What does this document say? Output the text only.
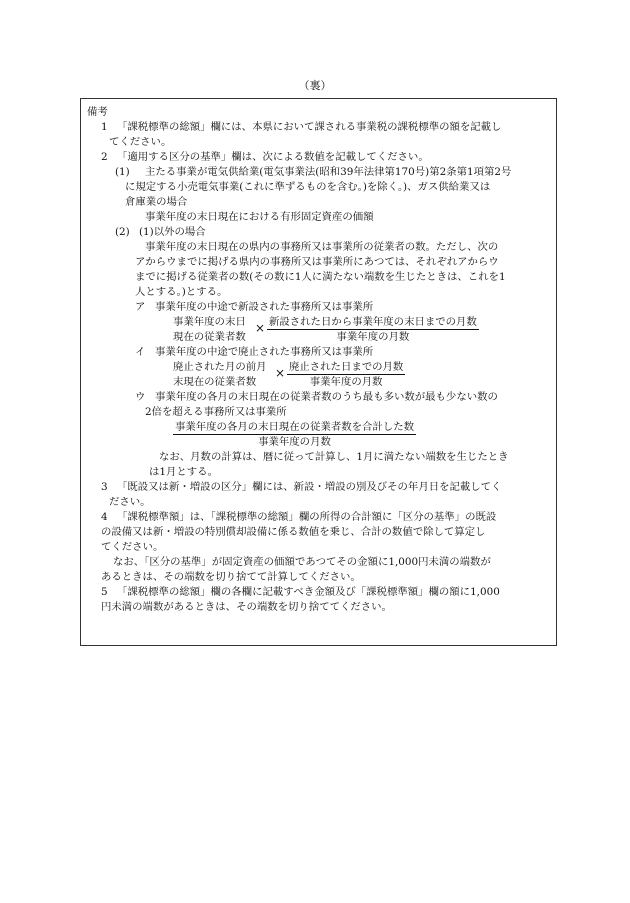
（裏）
備考
1 「課税標準の総額」欄には、本県において課される事業税の課税標準の額を記載し
てください。
2 「適用する区分の基準」欄は、次による数値を記載してください。
(1) 主たる事業が電気供給業(電気事業法(昭和39年法律第170号)第2条第1項第2号
に規定する小売電気事業(これに準ずるものを含む。)を除く。)、ガス供給業又は
倉庫業の場合
事業年度の末日現在における有形固定資産の価額
(2) (1)以外の場合
事業年度の末日現在の県内の事務所又は事業所の従業者の数。ただし、次の
アからウまでに掲げる県内の事務所又は事業所にあつては、それぞれアからウ
までに掲げる従業者の数(その数に1人に満たない端数を生じたときは、これを1
人とする。)とする。
ア 事業年度の中途で新設された事務所又は事業所
事業年度の末日
現在の従業者数
× 新設された日から事業年度の末日までの月数
事業年度の月数
イ 事業年度の中途で廃止された事務所又は事業所
廃止された月の前月
末現在の従業者数
× 廃止された日までの月数
事業年度の月数
ウ 事業年度の各月の末日現在の従業者数のうち最も多い数が最も少ない数の
2倍を超える事務所又は事業所
事業年度の各月の末日現在の従業者数を合計した数
事業年度の月数
なお、月数の計算は、暦に従って計算し、1月に満たない端数を生じたとき
は1月とする。
3 「既設又は新・増設の区分」欄には、新設・増設の別及びその年月日を記載してく
ださい。
4 「課税標準額」は、「課税標準の総額」欄の所得の合計額に「区分の基準」の既設
の設備又は新・増設の特別償却設備に係る数値を乗じ、合計の数値で除して算定し
てください。
なお、「区分の基準」が固定資産の価額であつてその金額に1,000円未満の端数が
あるときは、その端数を切り捨てて計算してください。
5 「課税標準の総額」欄の各欄に記載すべき金額及び「課税標準額」欄の額に1,000
円未満の端数があるときは、その端数を切り捨ててください。
